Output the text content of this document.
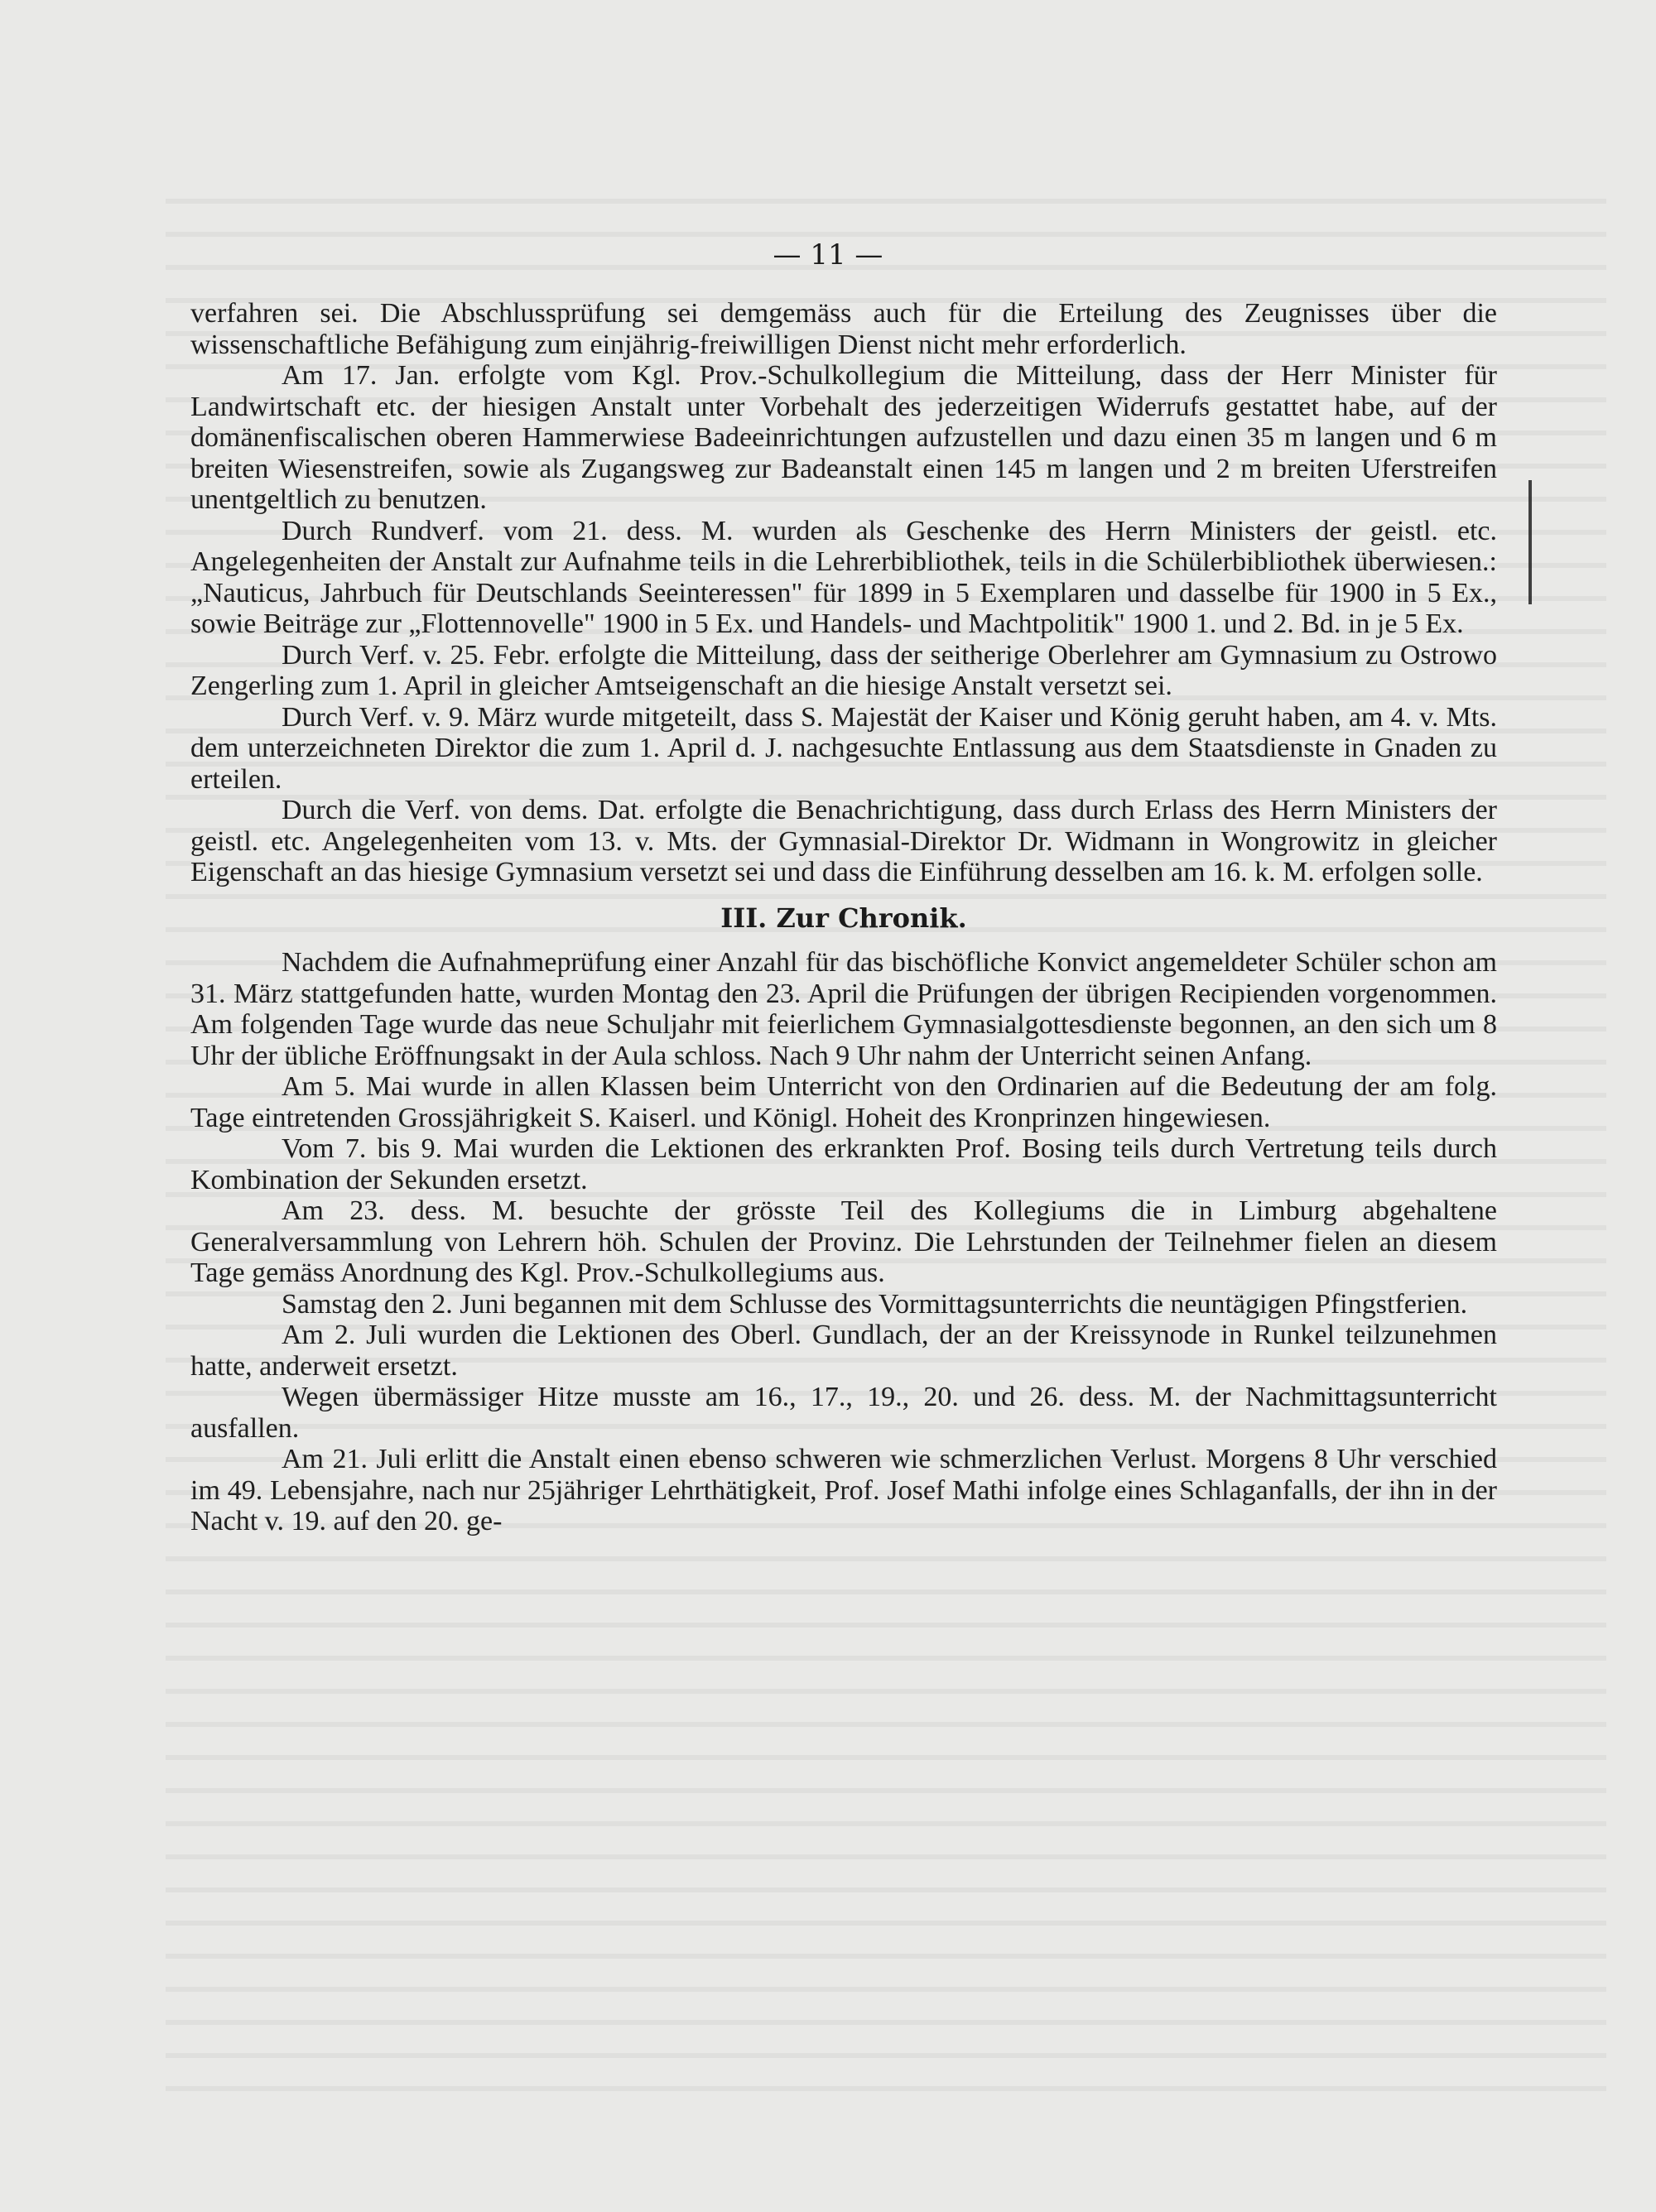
— 11 —

verfahren sei. Die Abschlussprüfung sei demgemäss auch für die Erteilung des Zeugnisses über die wissenschaftliche Befähigung zum einjährig-freiwilligen Dienst nicht mehr erforderlich.

Am 17. Jan. erfolgte vom Kgl. Prov.-Schulkollegium die Mitteilung, dass der Herr Minister für Landwirtschaft etc. der hiesigen Anstalt unter Vorbehalt des jederzeitigen Widerrufs gestattet habe, auf der domänenfiscalischen oberen Hammerwiese Badeeinrichtungen aufzustellen und dazu einen 35 m langen und 6 m breiten Wiesenstreifen, sowie als Zugangsweg zur Badeanstalt einen 145 m langen und 2 m breiten Uferstreifen unentgeltlich zu benutzen.

Durch Rundverf. vom 21. dess. M. wurden als Geschenke des Herrn Ministers der geistl. etc. Angelegenheiten der Anstalt zur Aufnahme teils in die Lehrerbibliothek, teils in die Schülerbibliothek überwiesen.: „Nauticus, Jahrbuch für Deutschlands Seeinteressen" für 1899 in 5 Exemplaren und dasselbe für 1900 in 5 Ex., sowie Beiträge zur „Flottennovelle" 1900 in 5 Ex. und Handels- und Machtpolitik" 1900 1. und 2. Bd. in je 5 Ex.

Durch Verf. v. 25. Febr. erfolgte die Mitteilung, dass der seitherige Oberlehrer am Gymnasium zu Ostrowo Zengerling zum 1. April in gleicher Amtseigenschaft an die hiesige Anstalt versetzt sei.

Durch Verf. v. 9. März wurde mitgeteilt, dass S. Majestät der Kaiser und König geruht haben, am 4. v. Mts. dem unterzeichneten Direktor die zum 1. April d. J. nachgesuchte Entlassung aus dem Staatsdienste in Gnaden zu erteilen.

Durch die Verf. von dems. Dat. erfolgte die Benachrichtigung, dass durch Erlass des Herrn Ministers der geistl. etc. Angelegenheiten vom 13. v. Mts. der Gymnasial-Direktor Dr. Widmann in Wongrowitz in gleicher Eigenschaft an das hiesige Gymnasium versetzt sei und dass die Einführung desselben am 16. k. M. erfolgen solle.

III. Zur Chronik.

Nachdem die Aufnahmeprüfung einer Anzahl für das bischöfliche Konvict angemeldeter Schüler schon am 31. März stattgefunden hatte, wurden Montag den 23. April die Prüfungen der übrigen Recipienden vorgenommen. Am folgenden Tage wurde das neue Schuljahr mit feierlichem Gymnasialgottesdienste begonnen, an den sich um 8 Uhr der übliche Eröffnungsakt in der Aula schloss. Nach 9 Uhr nahm der Unterricht seinen Anfang.

Am 5. Mai wurde in allen Klassen beim Unterricht von den Ordinarien auf die Bedeutung der am folg. Tage eintretenden Grossjährigkeit S. Kaiserl. und Königl. Hoheit des Kronprinzen hingewiesen.

Vom 7. bis 9. Mai wurden die Lektionen des erkrankten Prof. Bosing teils durch Vertretung teils durch Kombination der Sekunden ersetzt.

Am 23. dess. M. besuchte der grösste Teil des Kollegiums die in Limburg abgehaltene Generalversammlung von Lehrern höh. Schulen der Provinz. Die Lehrstunden der Teilnehmer fielen an diesem Tage gemäss Anordnung des Kgl. Prov.-Schulkollegiums aus.

Samstag den 2. Juni begannen mit dem Schlusse des Vormittagsunterrichts die neuntägigen Pfingstferien.

Am 2. Juli wurden die Lektionen des Oberl. Gundlach, der an der Kreissynode in Runkel teilzunehmen hatte, anderweit ersetzt.

Wegen übermässiger Hitze musste am 16., 17., 19., 20. und 26. dess. M. der Nachmittagsunterricht ausfallen.

Am 21. Juli erlitt die Anstalt einen ebenso schweren wie schmerzlichen Verlust. Morgens 8 Uhr verschied im 49. Lebensjahre, nach nur 25jähriger Lehrthätigkeit, Prof. Josef Mathi infolge eines Schlaganfalls, der ihn in der Nacht v. 19. auf den 20. ge-
